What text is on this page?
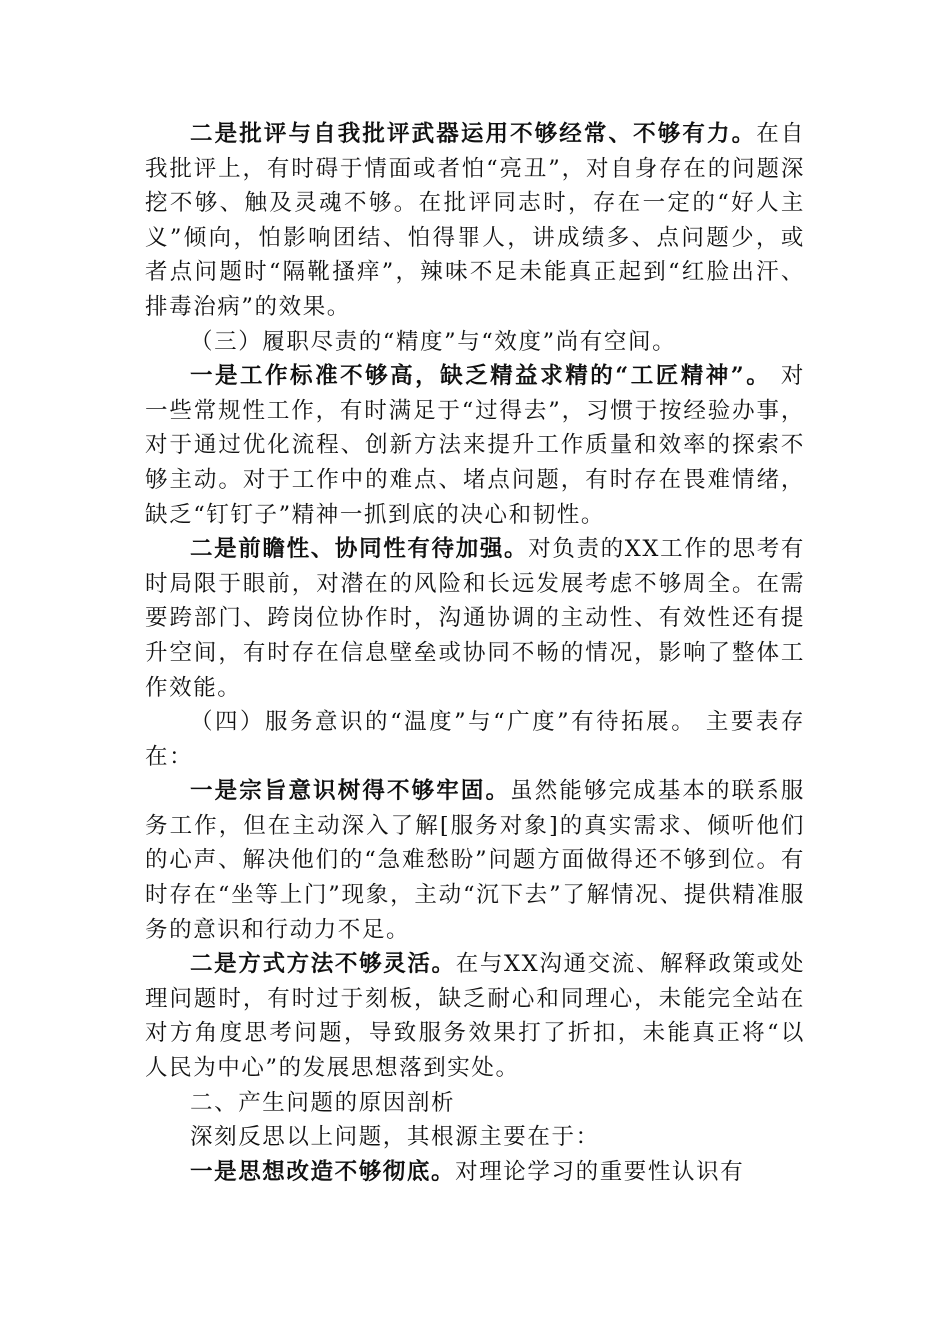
二是批评与自我批评武器运用不够经常、不够有力。在自我批评上，有时碍于情面或者怕“亮丑”，对自身存在的问题深挖不够、触及灵魂不够。在批评同志时，存在一定的“好人主义”倾向，怕影响团结、怕得罪人，讲成绩多、点问题少，或者点问题时“隔靴搔痒”，辣味不足未能真正起到“红脸出汗、排毒治病”的效果。

（三）履职尽责的“精度”与“效度”尚有空间。

一是工作标准不够高，缺乏精益求精的“工匠精神”。 对一些常规性工作，有时满足于“过得去”，习惯于按经验办事，对于通过优化流程、创新方法来提升工作质量和效率的探索不够主动。对于工作中的难点、堵点问题，有时存在畏难情绪，缺乏“钉钉子”精神一抓到底的决心和韧性。

二是前瞻性、协同性有待加强。对负责的XX工作的思考有时局限于眼前，对潜在的风险和长远发展考虑不够周全。在需要跨部门、跨岗位协作时，沟通协调的主动性、有效性还有提升空间，有时存在信息壁垒或协同不畅的情况，影响了整体工作效能。

（四）服务意识的“温度”与“广度”有待拓展。 主要表存在：

一是宗旨意识树得不够牢固。虽然能够完成基本的联系服务工作，但在主动深入了解[服务对象]的真实需求、倾听他们的心声、解决他们的“急难愁盼”问题方面做得还不够到位。有时存在“坐等上门”现象，主动“沉下去”了解情况、提供精准服务的意识和行动力不足。

二是方式方法不够灵活。在与XX沟通交流、解释政策或处理问题时，有时过于刻板，缺乏耐心和同理心，未能完全站在对方角度思考问题，导致服务效果打了折扣，未能真正将“以人民为中心”的发展思想落到实处。

二、产生问题的原因剖析

深刻反思以上问题，其根源主要在于：

一是思想改造不够彻底。对理论学习的重要性认识有
